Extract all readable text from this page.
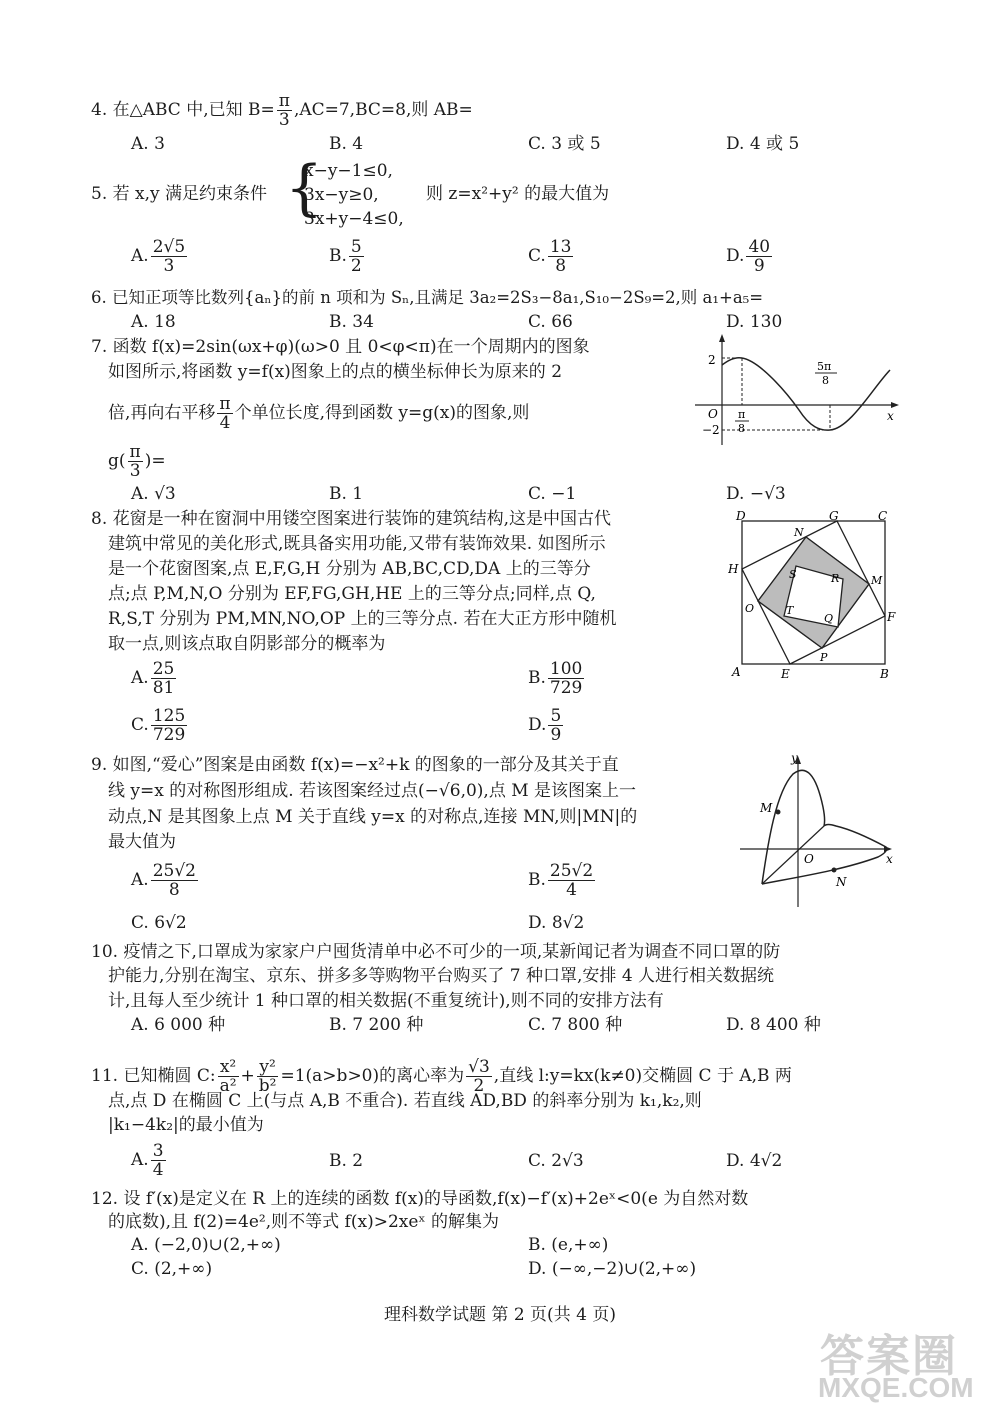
4. 在△ABC 中,已知 $B= \frac{\pi}{3} ,AC=7,BC=8$,则 AB=
A. 3	B. 4	C. 3 或 5	D. 4 或 5
5. 若 x,y 满足约束条件 {
x−y−1≤0,
3x−y≥0,
3x+y−4≤0,
则 z=x²+y² 的最大值为
A. $\frac{2√5}{3}$	B. $\frac{5}{2}$	C. $\frac{13}{8}$	D. $\frac{40}{9}$
6. 已知正项等比数列{aₙ}的前 n 项和为 Sₙ,且满足 3a₂=2S₃−8a₁,S₁₀−2S₉=2,则 a₁+a₅=
A. 18	B. 34	C. 66	D. 130
7. 函数 f(x)=2sin(ωx+φ)(ω>0 且 0<φ<π)在一个周期内的图象
如图所示,将函数 y=f(x)图象上的点的横坐标伸长为原来的 2
倍,再向右平移 $\frac{\pi}{4}$ 个单位长度,得到函数 y=g(x)的图象,则
$g( \frac{\pi}{3}$ )=
A. √3	B. 1	C. −1	D. −√3
2
−2
O	x
π
8
5π
8
8. 花窗是一种在窗洞中用镂空图案进行装饰的建筑结构,这是中国古代
建筑中常见的美化形式,既具备实用功能,又带有装饰效果. 如图所示
是一个花窗图案,点 E,F,G,H 分别为 AB,BC,CD,DA 上的三等分
点;点 P,M,N,O 分别为 EF,FG,GH,HE 上的三等分点;同样,点 Q,
R,S,T 分别为 PM,MN,NO,OP 上的三等分点. 若在大正方形中随机
取一点,则该点取自阴影部分的概率为
A. $\frac{25}{81}$	B. $\frac{100}{729}$
C. $\frac{125}{729}$	D. $\frac{5}{9}$
A	E	B
F
C
G
D
H
P
M
N
O
Q
R
S
T
9. 如图,“爱心”图案是由函数 f(x)=−x²+k 的图象的一部分及其关于直
线 y=x 的对称图形组成. 若该图案经过点(−√6,0),点 M 是该图案上一
动点,N 是其图象上点 M 关于直线 y=x 的对称点,连接 MN,则|MN|的
最大值为
A. $\frac{25√2}{8}$	B. $\frac{25√2}{4}$
C. 6√2	D. 8√2
y
x
O
M
N
10. 疫情之下,口罩成为家家户户囤货清单中必不可少的一项,某新闻记者为调查不同口罩的防
护能力,分别在淘宝、京东、拼多多等购物平台购买了 7 种口罩,安排 4 人进行相关数据统
计,且每人至少统计 1 种口罩的相关数据(不重复统计),则不同的安排方法有
A. 6 000 种	B. 7 200 种	C. 7 800 种	D. 8 400 种
11. 已知椭圆 C: $\frac{\text{x²}}{\text{a²}} + \frac{\text{y²}}{\text{b²}} =1(a>b>0)$的离心率为 $\frac{√3}{2}$ ,直线 l:y=kx(k≠0)交椭圆 C 于 A,B 两
点,点 D 在椭圆 C 上(与点 A,B 不重合). 若直线 AD,BD 的斜率分别为 k₁,k₂,则
|k₁−4k₂|的最小值为
A. $\frac{3}{4}$	B. 2	C. 2√3	D. 4√2
12. 设 f′(x)是定义在 R 上的连续的函数 f(x)的导函数,f(x)−f′(x)+2eˣ<0(e 为自然对数
的底数),且 f(2)=4e²,则不等式 f(x)>2xeˣ 的解集为
A. (−2,0)∪(2,+∞)	B. (e,+∞)
C. (2,+∞)	D. (−∞,−2)∪(2,+∞)
理科数学试题 第 2 页(共 4 页)
答案圈
MXQE.COM
